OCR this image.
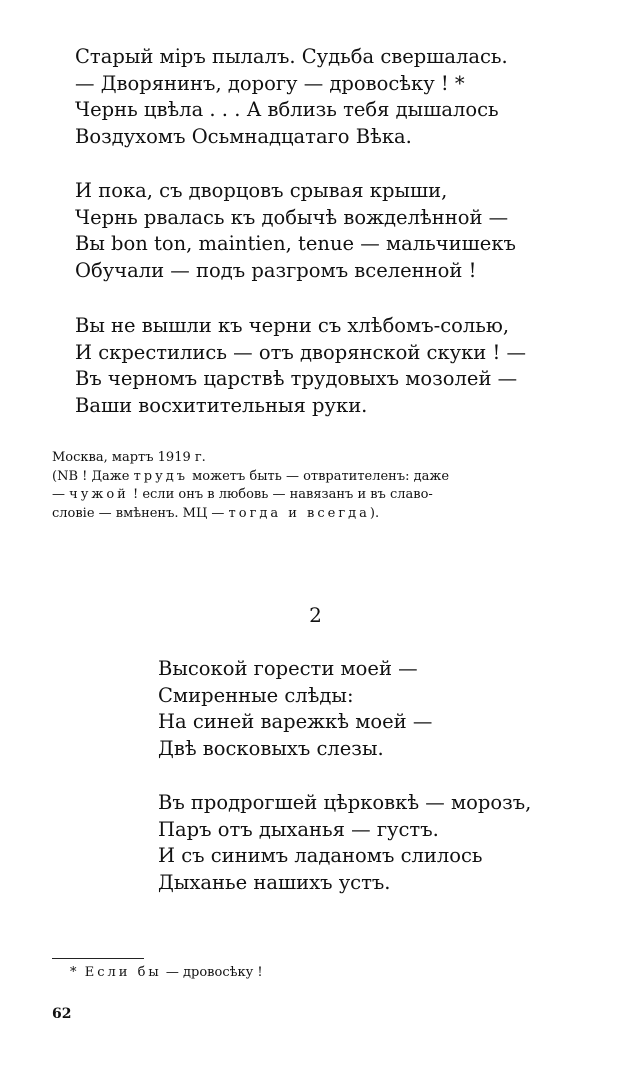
Старый міръ пылалъ. Судьба свершалась.
— Дворянинъ, дорогу — дровосѣку ! *
Чернь цвѣла . . . А вблизь тебя дышалось
Воздухомъ Осьмнадцатаго Вѣка.
И пока, съ дворцовъ срывая крыши,
Чернь рвалась къ добычѣ вожделѣнной —
Вы bon ton, maintien, tenue — мальчишекъ
Обучали — подъ разгромъ вселенной !
Вы не вышли къ черни съ хлѣбомъ-солью,
И скрестились — отъ дворянской скуки ! —
Въ черномъ царствѣ трудовыхъ мозолей —
Ваши восхитительныя руки.
Москва, мартъ 1919 г.
(NB ! Даже трудъ можетъ быть — отвратителенъ: даже
— чужой ! если онъ в любовь — навязанъ и въ славо-
словіе — вмѣненъ. МЦ — тогда и всегда).
2
Высокой горести моей —
Смиренные слѣды:
На синей варежкѣ моей —
Двѣ восковыхъ слезы.
Въ продрогшей цѣрковкѣ — морозъ,
Паръ отъ дыханья — густъ.
И съ синимъ ладаномъ слилось
Дыханье нашихъ устъ.
* Если бы — дровосѣку !
62
